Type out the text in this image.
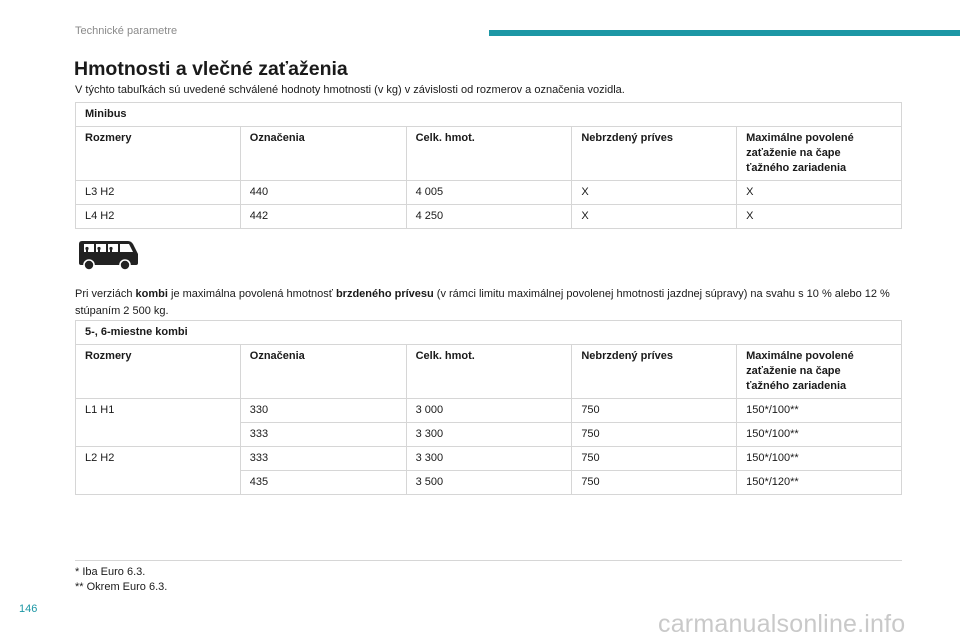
Technické parametre
Hmotnosti a vlečné zaťaženia

V týchto tabuľkách sú uvedené schválené hodnoty hmotnosti (v kg) v závislosti od rozmerov a označenia vozidla.

Minibus				
Rozmery	Označenia	Celk. hmot.	Nebrzdený príves	Maximálne povolené zaťaženie na čape ťažného zariadenia
L3 H2	440	4 005	X	X
L4 H2	442	4 250	X	X

Pri verziách kombi je maximálna povolená hmotnosť brzdeného prívesu (v rámci limitu maximálnej povolenej hmotnosti jazdnej súpravy) na svahu s 10 % alebo 12 % stúpaním 2 500 kg.

5-, 6-miestne kombi				
Rozmery	Označenia	Celk. hmot.	Nebrzdený príves	Maximálne povolené zaťaženie na čape ťažného zariadenia
L1 H1	330	3 000	750	150*/100**
	333	3 300	750	150*/100**
L2 H2	333	3 300	750	150*/100**
	435	3 500	750	150*/120**
* Iba Euro 6.3.
** Okrem Euro 6.3.
146
carmanualsonline.info
